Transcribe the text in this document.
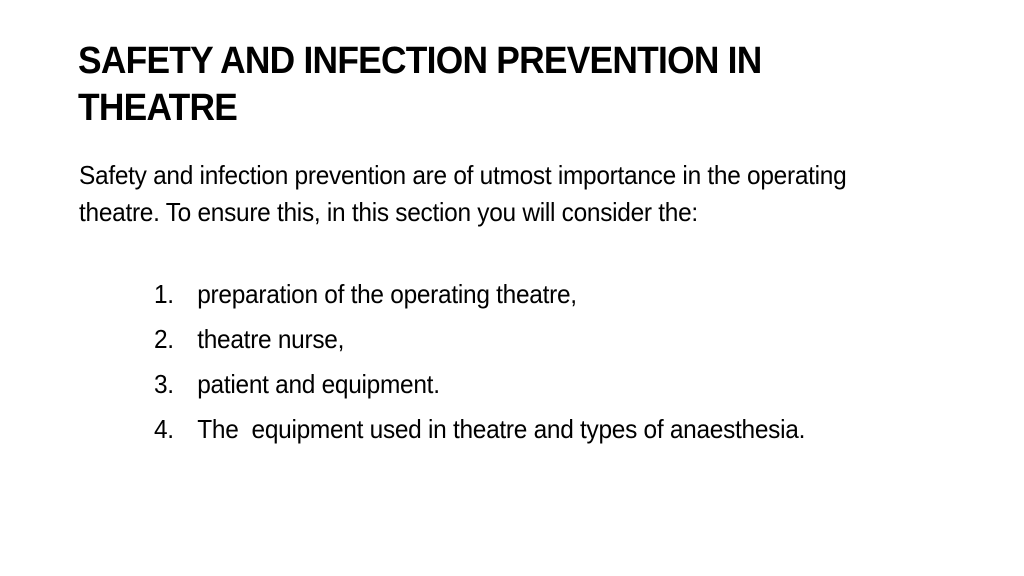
SAFETY AND INFECTION PREVENTION IN THEATRE

Safety and infection prevention are of utmost importance in the operating theatre. To ensure this, in this section you will consider the:

1. preparation of the operating theatre,
2. theatre nurse,
3. patient and equipment.
4. The  equipment used in theatre and types of anaesthesia.
